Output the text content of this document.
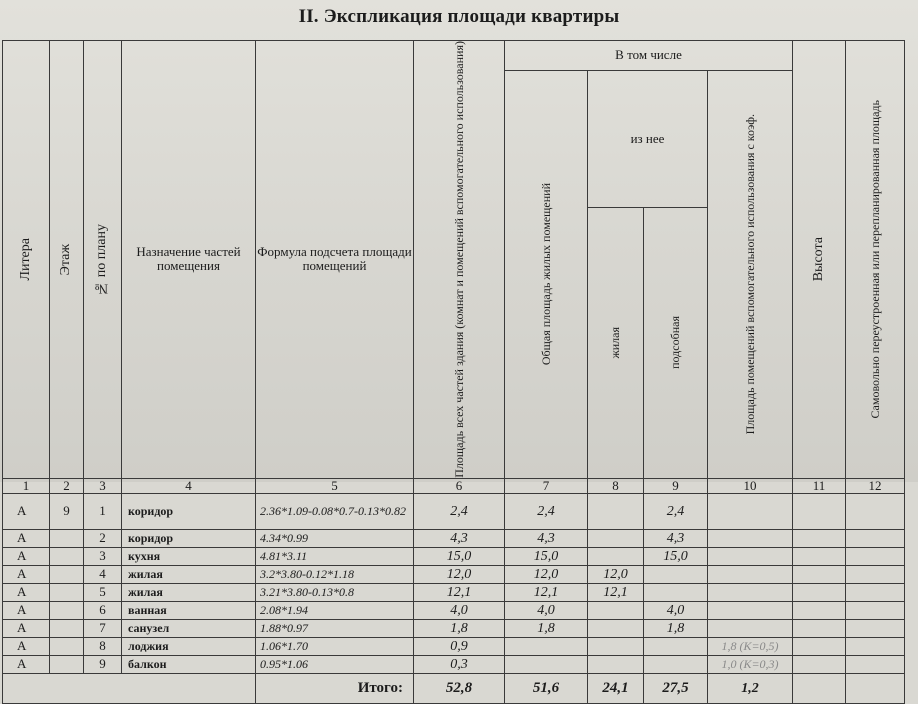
II. Экспликация площади квартиры
Литера	Этаж	№ по плану	Назначение частей помещения	Формула подсчета площади помещений	Площадь всех частей здания (комнат и помещений вспомогательного использования)	В том числе				Высота	Самовольно переустроенная или перепланированная площадь

						Общая площадь жилых помещений	из нее		Площадь помещений вспомогательного использования с коэф.		

							жилая	подсобная			

1	2	3	4	5	6	7	8	9	10	11	12
А	9	1	коридор	2.36*1.09-0.08*0.7-0.13*0.82	2,4	2,4		2,4			
А		2	коридор	4.34*0.99	4,3	4,3		4,3			
А		3	кухня	4.81*3.11	15,0	15,0		15,0			
А		4	жилая	3.2*3.80-0.12*1.18	12,0	12,0	12,0				
А		5	жилая	3.21*3.80-0.13*0.8	12,1	12,1	12,1				
А		6	ванная	2.08*1.94	4,0	4,0		4,0			
А		7	санузел	1.88*0.97	1,8	1,8		1,8			
А		8	лоджия	1.06*1.70	0,9				1,8 (K=0,5)		
А		9	балкон	0.95*1.06	0,3				1,0 (K=0,3)		
				Итого:	52,8	51,6	24,1	27,5	1,2		
